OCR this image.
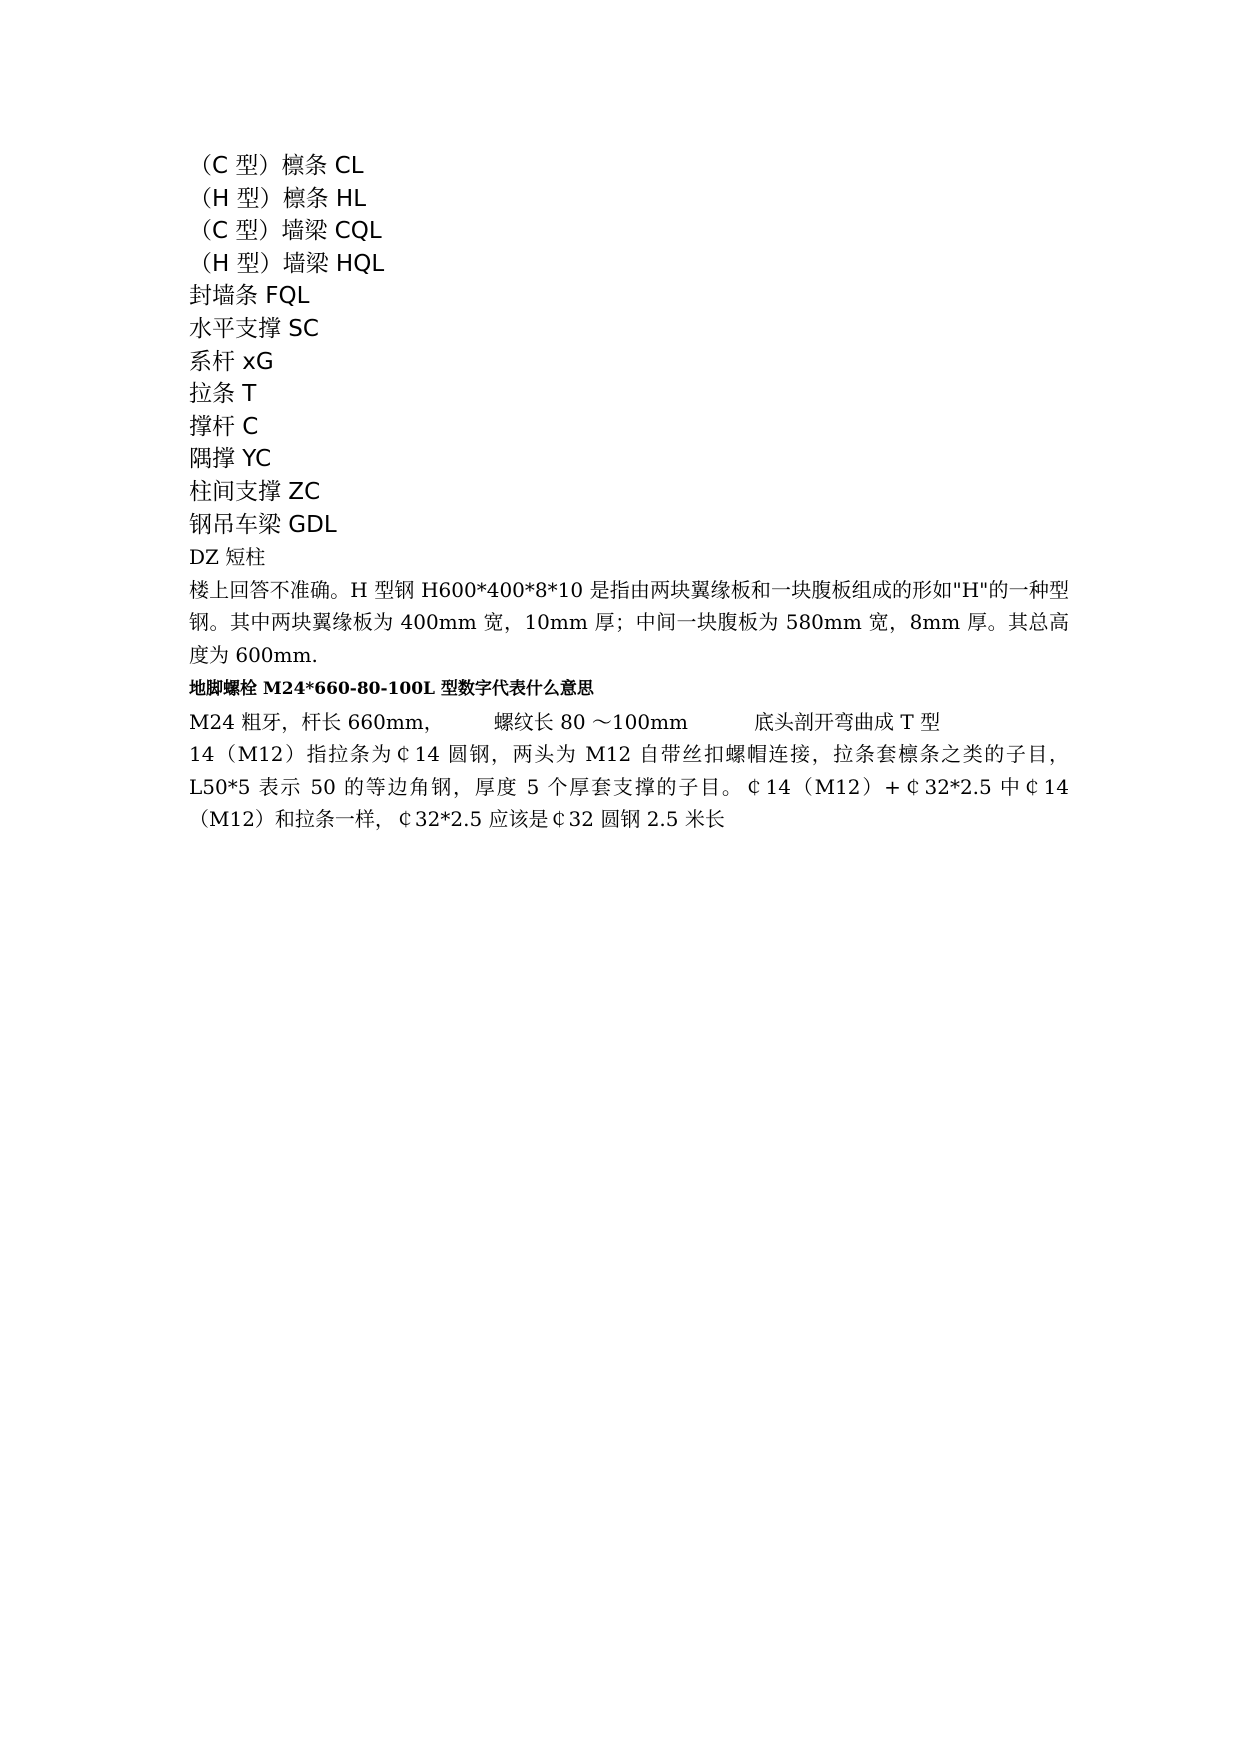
（C 型）檩条 CL
（H 型）檩条 HL
（C 型）墙梁 CQL
（H 型）墙梁 HQL
封墙条 FQL
水平支撑 SC
系杆 xG
拉条 T
撑杆 C
隅撑 YC
柱间支撑 ZC
钢吊车梁 GDL
DZ 短柱

楼上回答不准确。H 型钢 H600*400*8*10 是指由两块翼缘板和一块腹板组成的形如"H"的一种型钢。其中两块翼缘板为 400mm 宽，10mm 厚；中间一块腹板为 580mm 宽，8mm 厚。其总高度为 600mm.

地脚螺栓 M24*660-80-100L 型数字代表什么意思
M24 粗牙，杆长 660mm，	螺纹长 80 ～100mm	底头剖开弯曲成 T 型

14（M12）指拉条为￠14 圆钢，两头为 M12 自带丝扣螺帽连接，拉条套檩条之类的子目，L50*5 表示 50 的等边角钢，厚度 5 个厚套支撑的子目。￠14（M12）+￠32*2.5 中￠14（M12）和拉条一样，￠32*2.5 应该是￠32 圆钢 2.5 米长
